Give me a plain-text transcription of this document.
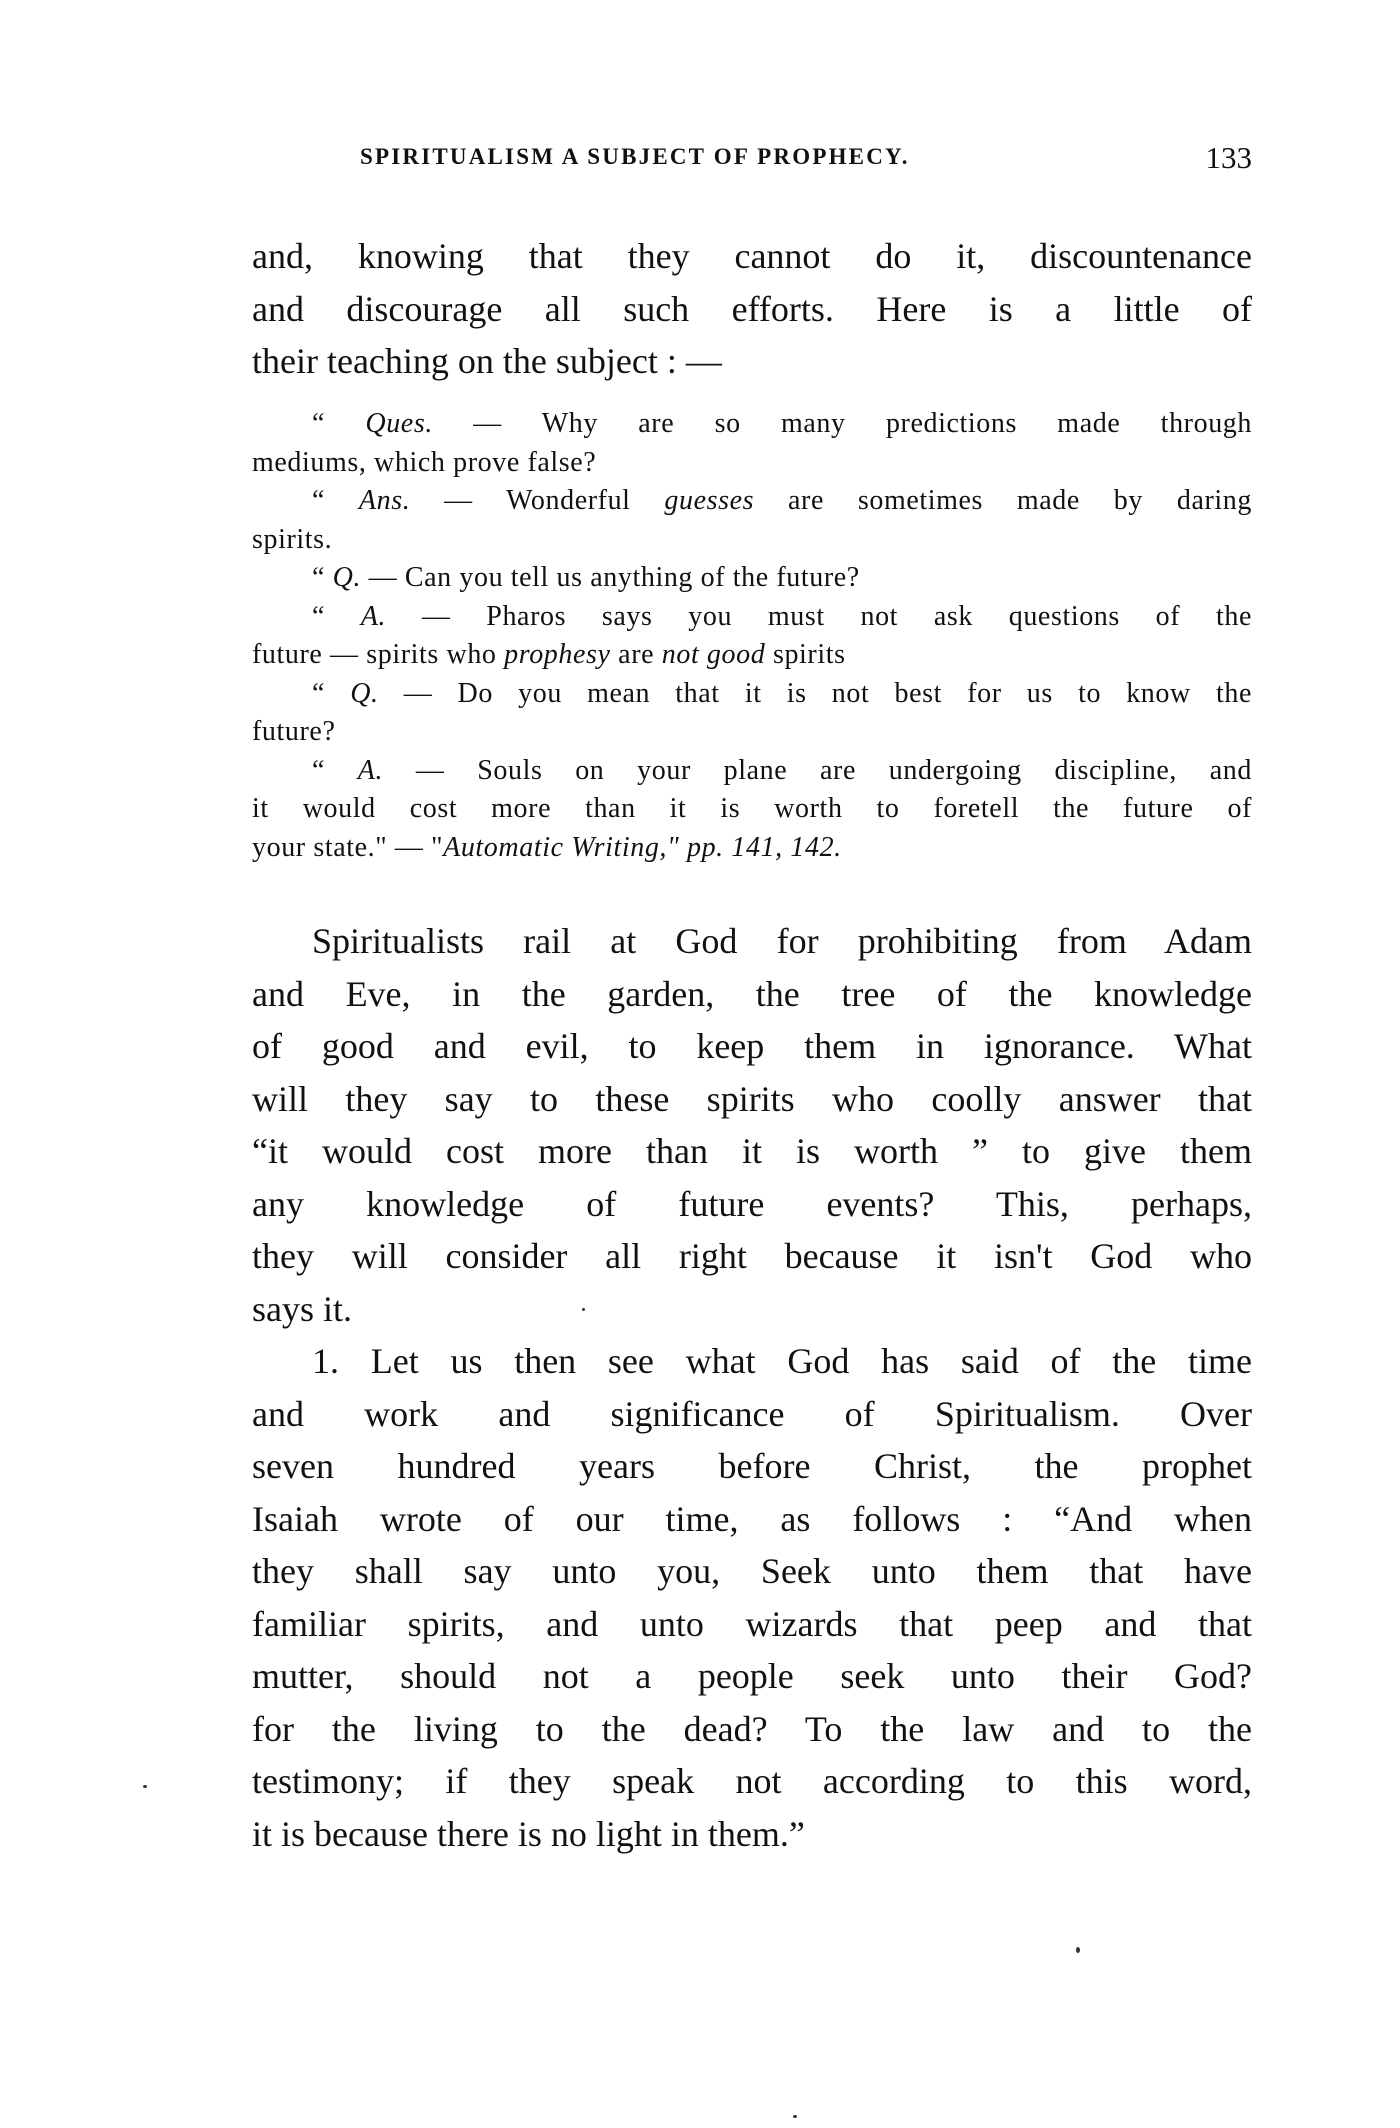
SPIRITUALISM A SUBJECT OF PROPHECY.	133
and, knowing that they cannot do it, discountenance
and discourage all such efforts. Here is a little of
their teaching on the subject : —
“ Ques. — Why are so many predictions made through
mediums, which prove false?
“ Ans. — Wonderful guesses are sometimes made by daring
spirits.
“ Q. — Can you tell us anything of the future?
“ A. — Pharos says you must not ask questions of the
future — spirits who prophesy are not good spirits
“ Q. — Do you mean that it is not best for us to know the
future?
“ A. — Souls on your plane are undergoing discipline, and
it would cost more than it is worth to foretell the future of
your state." — "Automatic Writing," pp. 141, 142.
Spiritualists rail at God for prohibiting from Adam
and Eve, in the garden, the tree of the knowledge
of good and evil, to keep them in ignorance. What
will they say to these spirits who coolly answer that
“it would cost more than it is worth ” to give them
any knowledge of future events? This, perhaps,
they will consider all right because it isn't God who
says it.
1. Let us then see what God has said of the time
and work and significance of Spiritualism. Over
seven hundred years before Christ, the prophet
Isaiah wrote of our time, as follows : “And when
they shall say unto you, Seek unto them that have
familiar spirits, and unto wizards that peep and that
mutter, should not a people seek unto their God?
for the living to the dead? To the law and to the
testimony; if they speak not according to this word,
it is because there is no light in them.”
